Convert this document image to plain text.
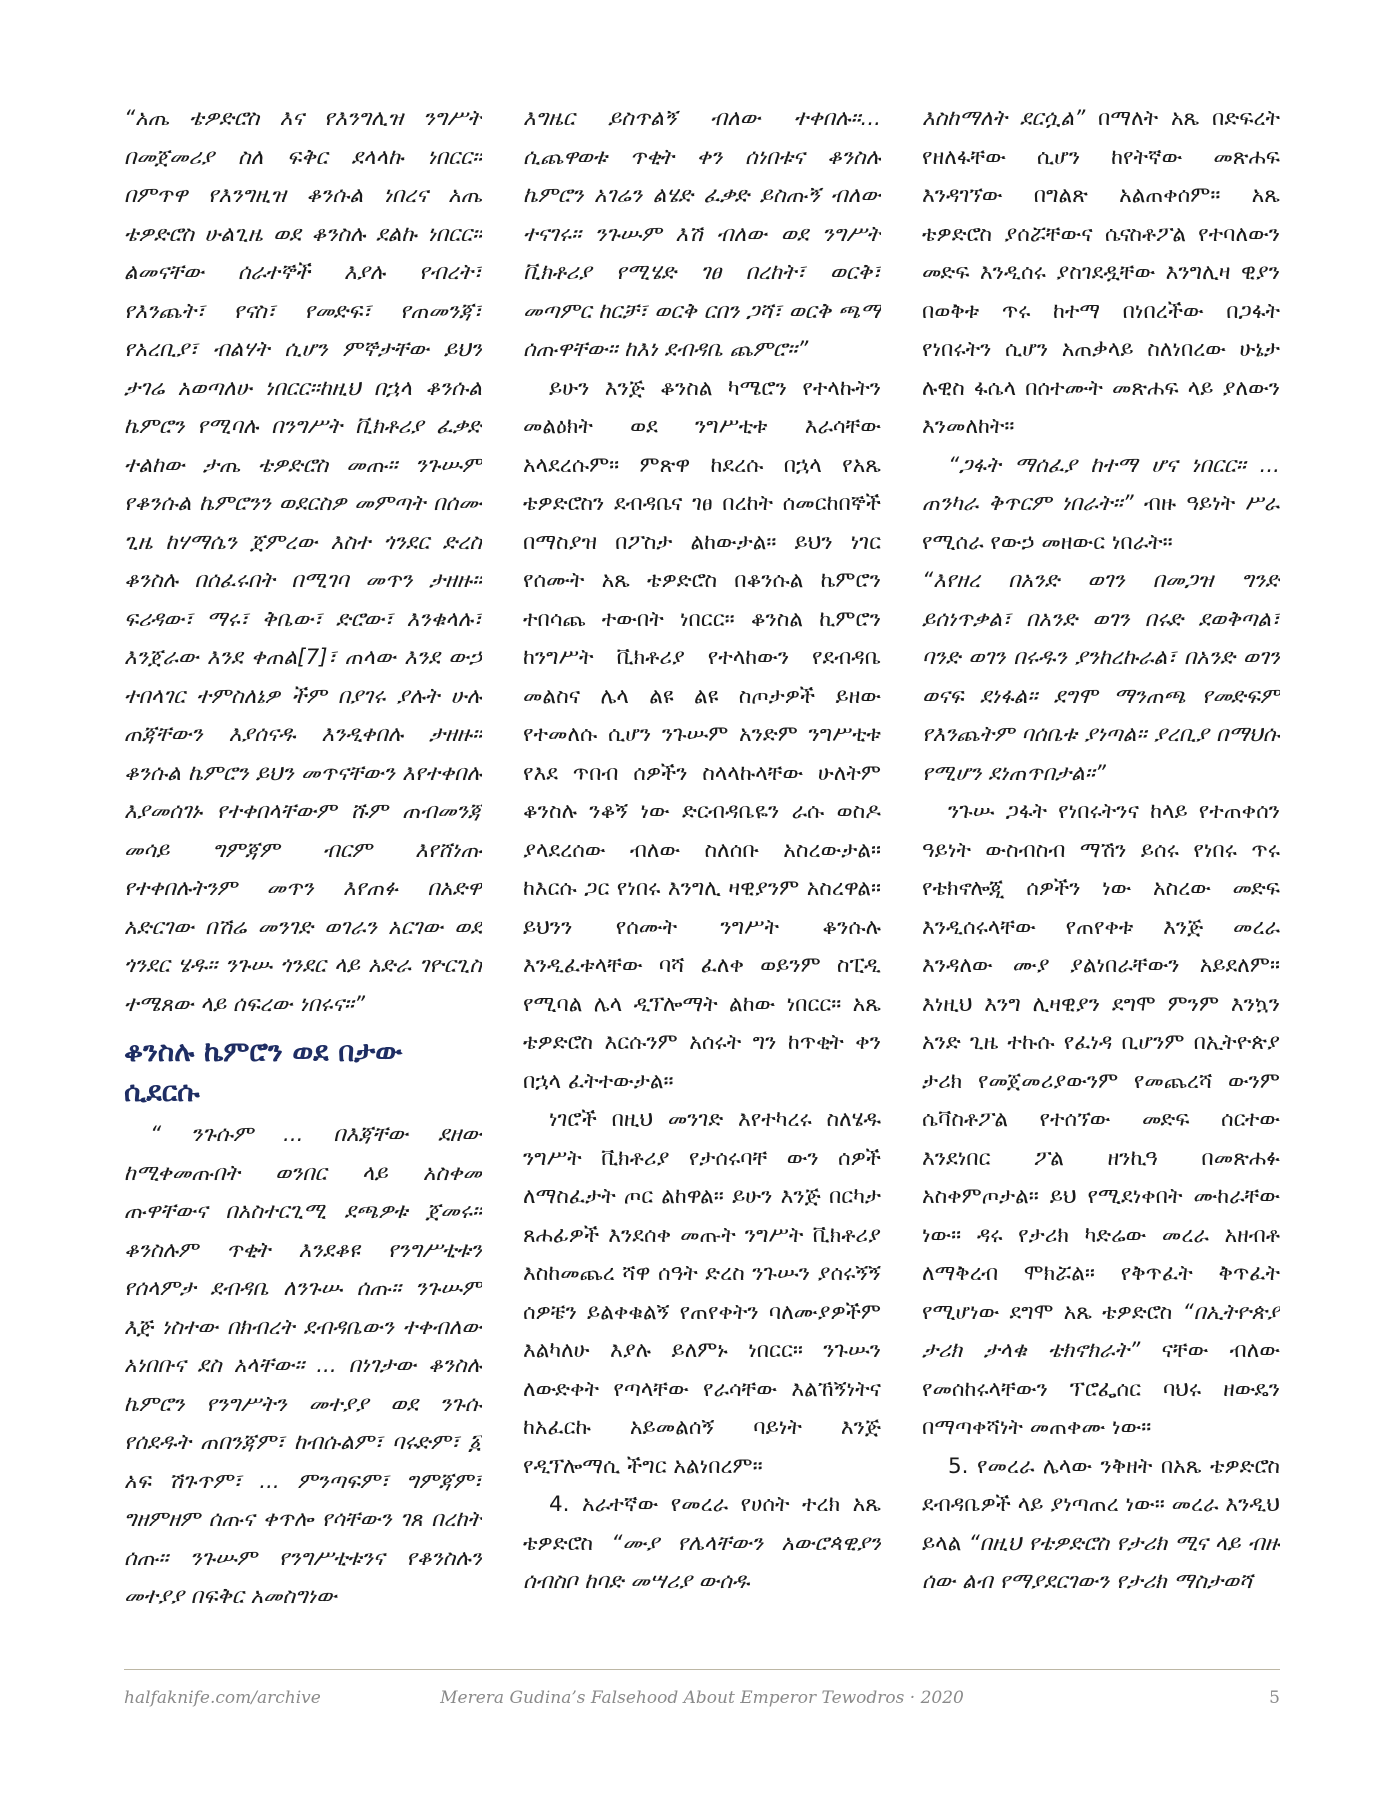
“አጤ ቴዎድሮስ እና የእንግሊዝ ንግሥት በመጀመሪያ ስለ ፍቅር ደላላኩ ነበርር። በምጥዋ የእንግዚዝ ቆንሱል ነበረና አጤ ቴዎድሮስ ሁልጊዜ ወደ ቆንስሉ ደልኩ ነበርር። ልመናቸው ሰራተኞች እያሉ የብረት፣ የእንጨት፣ የናስ፣ የመድፍ፣ የጠመንጃ፣ የአረቢያ፣ ብልሃት ሲሆን ምኞታቸው ይህን ታገሬ አወጣለሁ ነበርር።ከዚህ በኋላ ቆንሱል ኬምሮን የሚባሉ በንግሥት ቪክቶሪያ ፈቃድ ተልከው ታጤ ቴዎድሮስ መጡ። ንጉሡም የቆንሱል ኬምሮንን ወደርስዎ መምጣት በሰሙ ጊዜ ከሃማሴን ጀምረው እስተ ጎንደር ድረስ ቆንስሉ በሰፈሩበት በሚገባ መጥን ታዘዙ። ፍሪዳው፣ ማሩ፣ ቅቤው፣ ድሮው፣ እንቁላሉ፣ እንጀራው እንደ ቀጠል[7]፣ ጠላው እንደ ውኃ ተበላገር ተምስለኔዎ ችም በያገሩ ያሉት ሁሉ ጠጃቸውን እያሰናዱ እንዲቀበሉ ታዘዙ። ቆንሱል ኬምሮን ይህን መጥናቸውን እየተቀበሉ እያመሰገኑ የተቀበላቸውም ሹም ጠብመንጃ መሳይ ግምጃም ብርም እየሸነጡ የተቀበሉትንም መጥን እየጠፉ በአድዋ አድርገው በሽሬ መንገድ ወገራን አርገው ወደ ጎንደር ሄዱ። ንጉሡ ጎንደር ላይ አድራ ገዮርጊስ ተሜጸው ላይ ሰፍረው ነበሩና።”

ቆንስሉ ኬምሮን ወደ በታው ሲደርሱ

“ ንጉሱም ... በእጃቸው ደዘው ከሚቀመጡበት ወንበር ላይ አስቀመ ጡዋቸውና በአስተርጊሚ ደጫዎቱ ጀመሩ። ቆንስሉም ጥቂት እንደቆዩ የንግሥቲቱን የሰላምታ ደብዳቤ ለንጉሡ ሰጡ። ንጉሡም እጅ ነስተው በክብረት ደብዳቤውን ተቀብለው አነበቡና ደስ አላቸው። ... በነገታው ቆንስሉ ኬምሮን የንግሥትን መተያያ ወደ ንጉሱ የሰደዱት ጠበንጃም፣ ከብሱልም፣ ባሩድም፣ ፩ አፍ ሽጉጥም፣ ... ምንጣፍም፣ ግምጃም፣ ግዘምዘም ሰጡና ቀጥሎ የሳቸውን ገጸ በረከት ሰጡ። ንጉሡም የንግሥቲቱንና የቆንስሉን መተያያ በፍቅር አመስግነው

እግዜር ይስጥልኝ ብለው ተቀበሉ።... ሲጨዋወቱ ጥቂት ቀን ሰነበቱና ቆንስሉ ኬምሮን አገሬን ልሄድ ፈቃድ ይስጡኝ ብለው ተናገሩ። ንጉሡም እሽ ብለው ወደ ንግሥት ቪክቶሪያ የሚሄድ ገፀ በረከት፣ ወርቅ፣ መጣምር ከርቻ፣ ወርቅ ርበን ጋሻ፣ ወርቅ ጫማ ሰጡዋቸው። ከእነ ደብዳቤ ጨምሮ።”

ይሁን እንጅ ቆንስል ካሜሮን የተላኩትን መልዕክት ወደ ንግሥቲቱ እራሳቸው አላደረሱም። ምጽዋ ከደረሱ በኋላ የአጼ ቴዎድሮስን ደብዳቤና ገፀ በረከት ሰመርከበኞች በማስያዝ በፖስታ ልከውታል። ይህን ነገር የሰሙት አጼ ቴዎድሮስ በቆንሱል ኬምሮን ተበሳጨ ተውበት ነበርር። ቆንስል ኪምሮን ከንግሥት ቪክቶሪያ የተላከውን የደብዳቤ መልስና ሌላ ልዩ ልዩ ስጦታዎች ይዘው የተመለሱ ሲሆን ንጉሡም አንድም ንግሥቲቱ የእደ ጥበብ ሰዎችን ስላላኩላቸው ሁለትም ቆንስሉ ንቆኝ ነው ድርብዳቤዬን ራሱ ወስዶ ያላደረሰው ብለው ስለሰቡ አስረውታል። ከእርሱ ጋር የነበሩ እንግሊ ዛዊያንም አስረዋል። ይህንን የሰሙት ንግሥት ቆንሱሉ እንዲፈቱላቸው ባሻ ፈለቀ ወይንም ስፒዲ የሚባል ሌላ ዲፕሎማት ልከው ነበርር። አጼ ቴዎድሮስ እርሱንም አሰሩት ግን ከጥቂት ቀን በኋላ ፈትተውታል።

ነገሮች በዚህ መንገድ እየተካረሩ ስለሄዱ ንግሥት ቪክቶሪያ የታሰሩባቸ ውን ሰዎች ለማስፈታት ጦር ልከዋል። ይሁን እንጅ በርካታ ጸሐፊዎች እንደሰቀ መጡት ንግሥት ቪክቶሪያ እስከመጨረ ሻዋ ሰዓት ድረስ ንጉሡን ያሰሩኝኝ ሰዎቼን ይልቀቁልኝ የጠየቀትን ባለሙያዎችም እልካለሁ እያሉ ይለምኑ ነበርር። ንጉሡን ለውድቀት የጣላቸው የራሳቸው እልኸኝነትና ከአፈርኩ አይመልሰኝ ባይነት እንጅ የዲፕሎማሲ ችግር አልነበረም።

4. አራተኛው የመረራ የሀሰት ተረክ አጼ ቴዎድሮስ “ሙያ የሌላቸውን አውሮጳዊያን ሰብስቦ ከባድ መሣሪያ ውሰዱ

እስከማለት ደርሷል” በማለት አጼ በድፍረት የዘለፋቸው ሲሆን ከየትኛው መጽሐፍ እንዳገኘው በግልጽ አልጠቀሰም። አጼ ቴዎድሮስ ያሰሯቸውና ሴናስቶፖል የተባለውን መድፍ እንዲሰሩ ያስገደዷቸው እንግሊዛ ዊያን በወቅቱ ጥሩ ከተማ በነበረችው በጋፋት የነበሩትን ሲሆን አጠቃላይ ስለነበረው ሁኔታ ሉዊስ ፋሴላ በሰተሙት መጽሐፍ ላይ ያለውን እንመለከት።

“ጋፋት ማሰፈያ ከተማ ሆና ነበርር። ... ጠንካራ ቅጥርም ነበራት።” ብዙ ዓይነት ሥራ የሚሰራ የውኃ መዘውር ነበራት።

“እየዘረ በአንድ ወገን በመጋዝ ግንድ ይሰነጥቃል፣ በአንድ ወገን በሩድ ደወቅጣል፣ ባንድ ወገን በሩዱን ያንከረኩራል፣ በአንድ ወገን ወናፍ ደነፋል። ደግሞ ማንጠጫ የመድፍም የእንጨትም ባሰቤቱ ያነጣል። ያረቢያ በማህሱ የሚሆን ደነጠጥበታል።”

ንጉሡ ጋፋት የነበሩትንና ከላይ የተጠቀሰን ዓይነት ውስብስብ ማሽን ይሰሩ የነበሩ ጥሩ የቴክኖሎጂ ሰዎችን ነው አስረው መድፍ እንዲሰሩላቸው የጠየቀቱ እንጅ መረራ እንዳለው ሙያ ያልነበራቸውን አይደለም። እነዚህ እንግ ሊዛዊያን ደግሞ ምንም እንኳን አንድ ጊዜ ተኩሱ የፈነዳ ቢሆንም በኢትዮጵያ ታሪክ የመጀመሪያውንም የመጨረሻ ውንም ሴቫስቶፖል የተሰኘው መድፍ ሰርተው እንደነበር ፖል ዘንኪዓ በመጽሐፉ አስቀምጦታል። ይህ የሚደነቀበት ሙከራቸው ነው። ዳሩ የታሪክ ካድሬው መረራ አዘብቶ ለማቅረብ ሞክሯል። የቅጥፈት ቅጥፈት የሚሆነው ደግሞ አጼ ቴዎድሮስ “በኢትዮጵያ ታሪክ ታላቁ ቴክኖክራት” ናቸው ብለው የመሰከሩላቸውን ፕሮፌሰር ባህሩ ዘውዴን በማጣቀሻነት መጠቀሙ ነው።

5. የመረራ ሌላው ንቅዘት በአጼ ቴዎድሮስ ደብዳቤዎች ላይ ያነጣጠረ ነው። መረራ እንዲህ ይላል “በዚህ የቴዎድሮስ የታሪክ ሚና ላይ ብዙ ሰው ልብ የማያደርገውን የታሪክ ማስታወሻ

halfaknife.com/archive	Merera Gudina’s Falsehood About Emperor Tewodros · 2020	5
